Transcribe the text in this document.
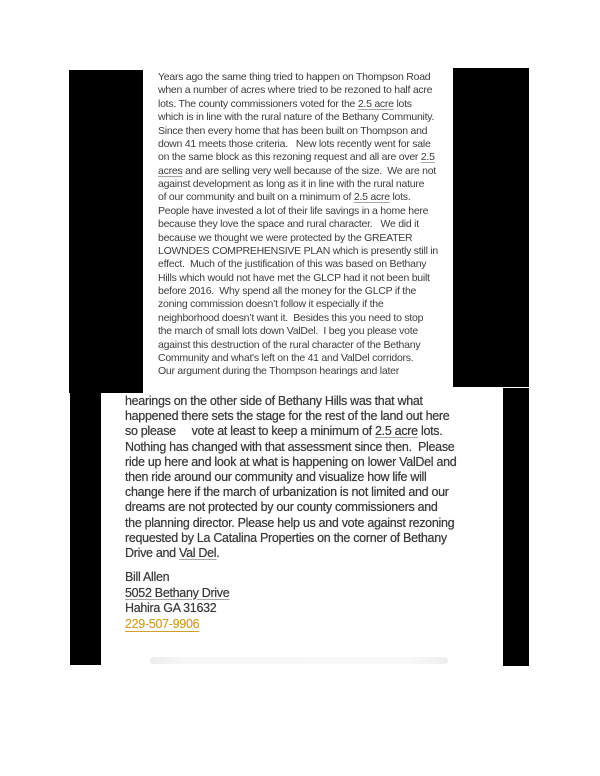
Years ago the same thing tried to happen on Thompson Road
when a number of acres where tried to be rezoned to half acre
lots. The county commissioners voted for the 2.5 acre lots
which is in line with the rural nature of the Bethany Community.
Since then every home that has been built on Thompson and
down 41 meets those criteria.   New lots recently went for sale
on the same block as this rezoning request and all are over 2.5
acres and are selling very well because of the size.  We are not
against development as long as it in line with the rural nature
of our community and built on a minimum of 2.5 acre lots.
People have invested a lot of their life savings in a home here
because they love the space and rural character.   We did it
because we thought we were protected by the GREATER
LOWNDES COMPREHENSIVE PLAN which is presently still in
effect.  Much of the justification of this was based on Bethany
Hills which would not have met the GLCP had it not been built
before 2016.  Why spend all the money for the GLCP if the
zoning commission doesn’t follow it especially if the
neighborhood doesn’t want it.  Besides this you need to stop
the march of small lots down ValDel.  I beg you please vote
against this destruction of the rural character of the Bethany
Community and what's left on the 41 and ValDel corridors.
Our argument during the Thompson hearings and later

hearings on the other side of Bethany Hills was that what
happened there sets the stage for the rest of the land out here
so please     vote at least to keep a minimum of 2.5 acre lots.
Nothing has changed with that assessment since then.  Please
ride up here and look at what is happening on lower ValDel and
then ride around our community and visualize how life will
change here if the march of urbanization is not limited and our
dreams are not protected by our county commissioners and
the planning director. Please help us and vote against rezoning
requested by La Catalina Properties on the corner of Bethany
Drive and Val Del.
Bill Allen
5052 Bethany Drive
Hahira GA 31632
229-507-9906
